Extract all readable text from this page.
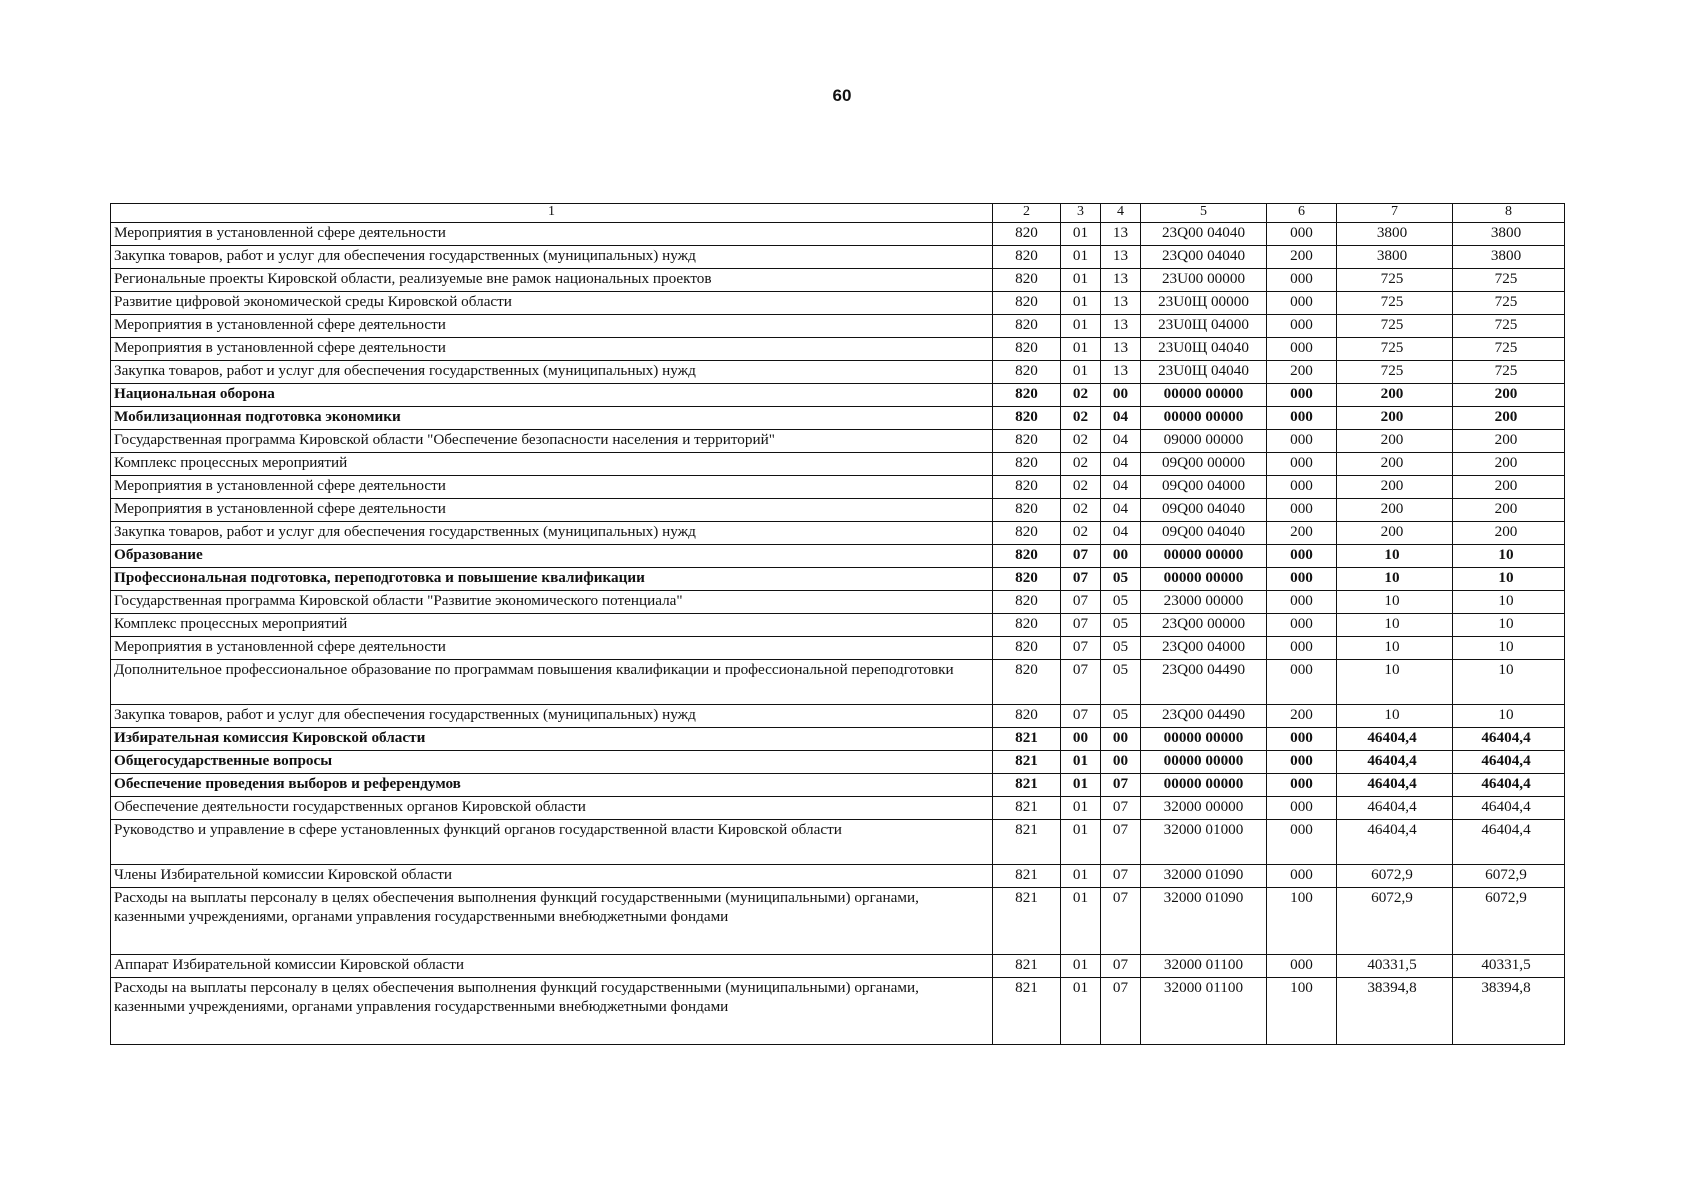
60
1	2	3	4	5	6	7	8
Мероприятия в установленной сфере деятельности	820	01	13	23Q00 04040	000	3800	3800
Закупка товаров, работ и услуг для обеспечения государственных (муниципальных) нужд	820	01	13	23Q00 04040	200	3800	3800
Региональные проекты Кировской области, реализуемые вне рамок национальных проектов	820	01	13	23U00 00000	000	725	725
Развитие цифровой экономической среды Кировской области	820	01	13	23U0Щ 00000	000	725	725
Мероприятия в установленной сфере деятельности	820	01	13	23U0Щ 04000	000	725	725
Мероприятия в установленной сфере деятельности	820	01	13	23U0Щ 04040	000	725	725
Закупка товаров, работ и услуг для обеспечения государственных (муниципальных) нужд	820	01	13	23U0Щ 04040	200	725	725
Национальная оборона	820	02	00	00000 00000	000	200	200
Мобилизационная подготовка экономики	820	02	04	00000 00000	000	200	200
Государственная программа Кировской области "Обеспечение безопасности населения и территорий"	820	02	04	09000 00000	000	200	200
Комплекс процессных мероприятий	820	02	04	09Q00 00000	000	200	200
Мероприятия в установленной сфере деятельности	820	02	04	09Q00 04000	000	200	200
Мероприятия в установленной сфере деятельности	820	02	04	09Q00 04040	000	200	200
Закупка товаров, работ и услуг для обеспечения государственных (муниципальных) нужд	820	02	04	09Q00 04040	200	200	200
Образование	820	07	00	00000 00000	000	10	10
Профессиональная подготовка, переподготовка и повышение квалификации	820	07	05	00000 00000	000	10	10
Государственная программа Кировской области "Развитие экономического потенциала"	820	07	05	23000 00000	000	10	10
Комплекс процессных мероприятий	820	07	05	23Q00 00000	000	10	10
Мероприятия в установленной сфере деятельности	820	07	05	23Q00 04000	000	10	10
Дополнительное профессиональное образование по программам повышения квалификации и профессиональной переподготовки	820	07	05	23Q00 04490	000	10	10
Закупка товаров, работ и услуг для обеспечения государственных (муниципальных) нужд	820	07	05	23Q00 04490	200	10	10
Избирательная комиссия Кировской области	821	00	00	00000 00000	000	46404,4	46404,4
Общегосударственные вопросы	821	01	00	00000 00000	000	46404,4	46404,4
Обеспечение проведения выборов и референдумов	821	01	07	00000 00000	000	46404,4	46404,4
Обеспечение деятельности государственных органов Кировской области	821	01	07	32000 00000	000	46404,4	46404,4
Руководство и управление в сфере установленных функций органов государственной власти Кировской области	821	01	07	32000 01000	000	46404,4	46404,4
Члены Избирательной комиссии Кировской области	821	01	07	32000 01090	000	6072,9	6072,9
Расходы на выплаты персоналу в целях обеспечения выполнения функций государственными (муниципальными) органами, казенными учреждениями, органами управления государственными внебюджетными фондами	821	01	07	32000 01090	100	6072,9	6072,9
Аппарат Избирательной комиссии Кировской области	821	01	07	32000 01100	000	40331,5	40331,5
Расходы на выплаты персоналу в целях обеспечения выполнения функций государственными (муниципальными) органами, казенными учреждениями, органами управления государственными внебюджетными фондами	821	01	07	32000 01100	100	38394,8	38394,8
